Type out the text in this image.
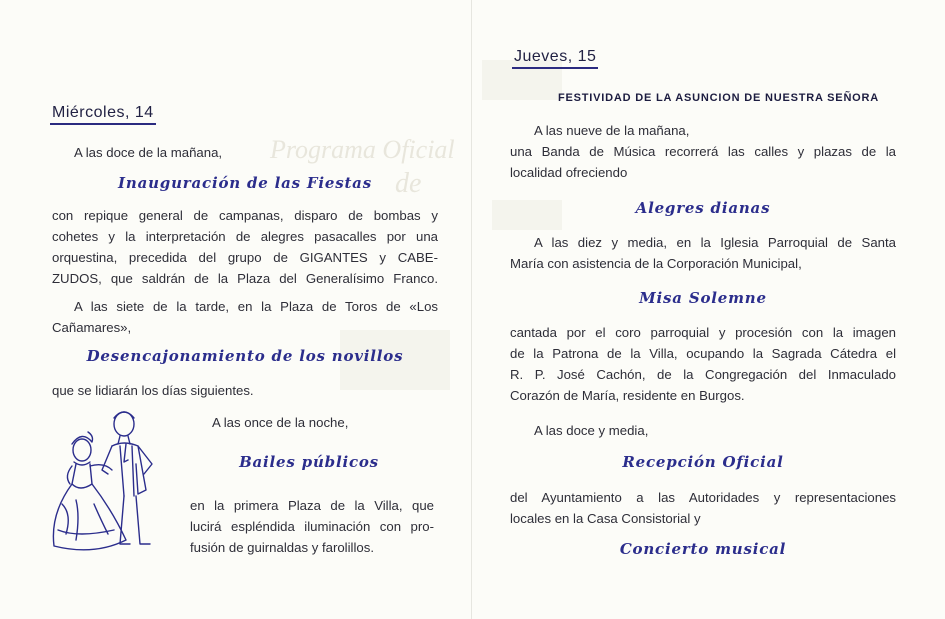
Programa Oficial
de
Miércoles, 14

A las doce de la mañana,

Inauguración de las Fiestas

con repique general de campanas, disparo de bombas y

cohetes y la interpretación de alegres pasacalles por una

orquestina, precedida del grupo de GIGANTES y CABE-

ZUDOS, que saldrán de la Plaza del Generalísimo Franco.

A las siete de la tarde, en la Plaza de Toros de «Los

Cañamares»,

Desencajonamiento de los novillos

que se lidiarán los días siguientes.

A las once de la noche,

Bailes públicos

en la primera Plaza de la Villa, que

lucirá espléndida iluminación con pro-

fusión de guirnaldas y farolillos.

Jueves, 15
FESTIVIDAD DE LA ASUNCION DE NUESTRA SEÑORA

A las nueve de la mañana,

una Banda de Música recorrerá las calles y plazas de la

localidad ofreciendo

Alegres dianas

A las diez y media, en la Iglesia Parroquial de Santa

María con asistencia de la Corporación Municipal,

Misa Solemne

cantada por el coro parroquial y procesión con la imagen

de la Patrona de la Villa, ocupando la Sagrada Cátedra el

R. P. José Cachón, de la Congregación del Inmaculado

Corazón de María, residente en Burgos.

A las doce y media,

Recepción Oficial

del Ayuntamiento a las Autoridades y representaciones

locales en la Casa Consistorial y

Concierto musical
